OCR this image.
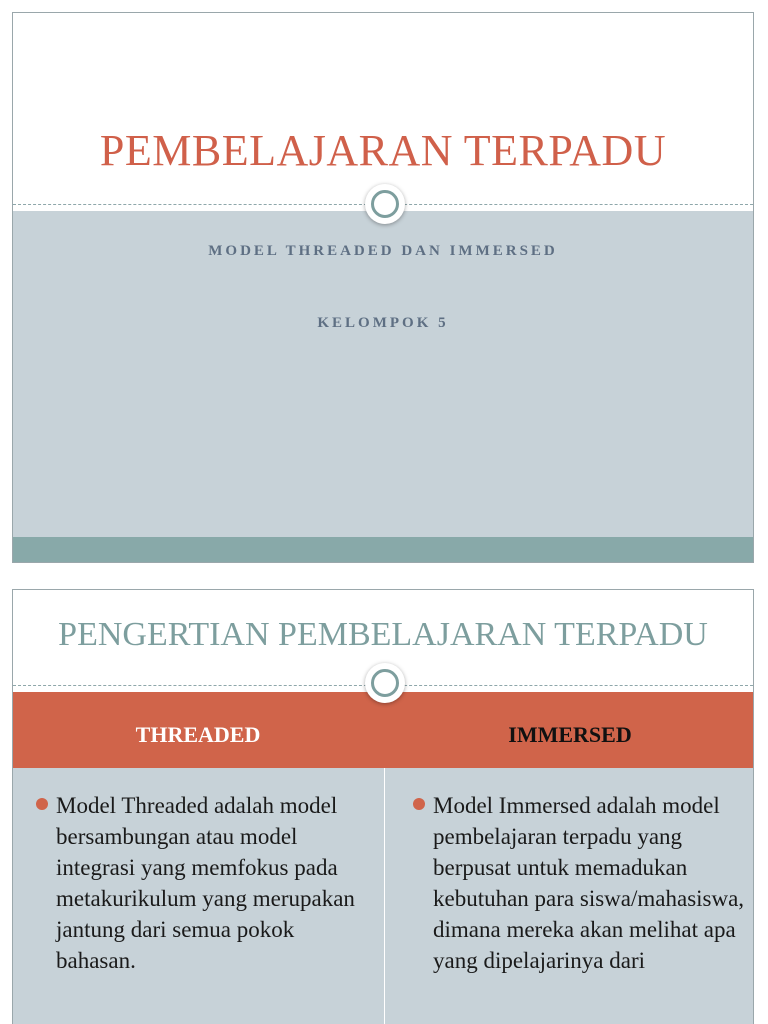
PEMBELAJARAN TERPADU
MODEL THREADED DAN IMMERSED
KELOMPOK 5
PENGERTIAN PEMBELAJARAN TERPADU
THREADED	IMMERSED
Model Threaded adalah model bersambungan atau model integrasi yang memfokus pada metakurikulum yang merupakan jantung dari semua pokok bahasan.
Model Immersed adalah model pembelajaran terpadu yang berpusat untuk memadukan kebutuhan para siswa/mahasiswa, dimana mereka akan melihat apa yang dipelajarinya dari
